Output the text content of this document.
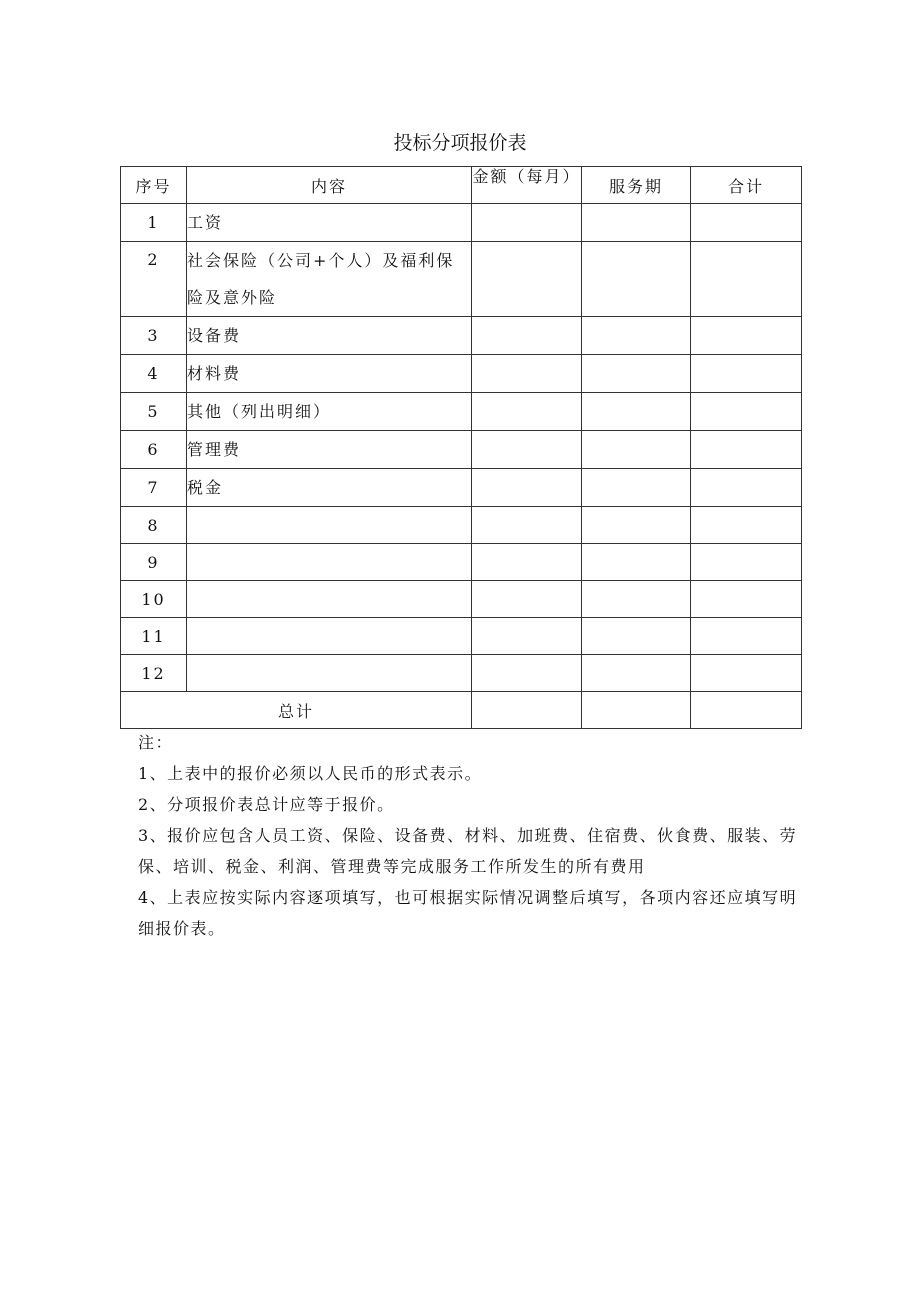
投标分项报价表
序号	内容	金额（每月）	服务期	合计
1	工资			
2	社会保险（公司+个人）及福利保险及意外险			
3	设备费			
4	材料费			
5	其他（列出明细）			
6	管理费			
7	税金			
8				
9				
10				
11				
12				
总计				

注：

1、上表中的报价必须以人民币的形式表示。

2、分项报价表总计应等于报价。

3、报价应包含人员工资、保险、设备费、材料、加班费、住宿费、伙食费、服装、劳保、培训、税金、利润、管理费等完成服务工作所发生的所有费用

4、上表应按实际内容逐项填写，也可根据实际情况调整后填写，各项内容还应填写明细报价表。
